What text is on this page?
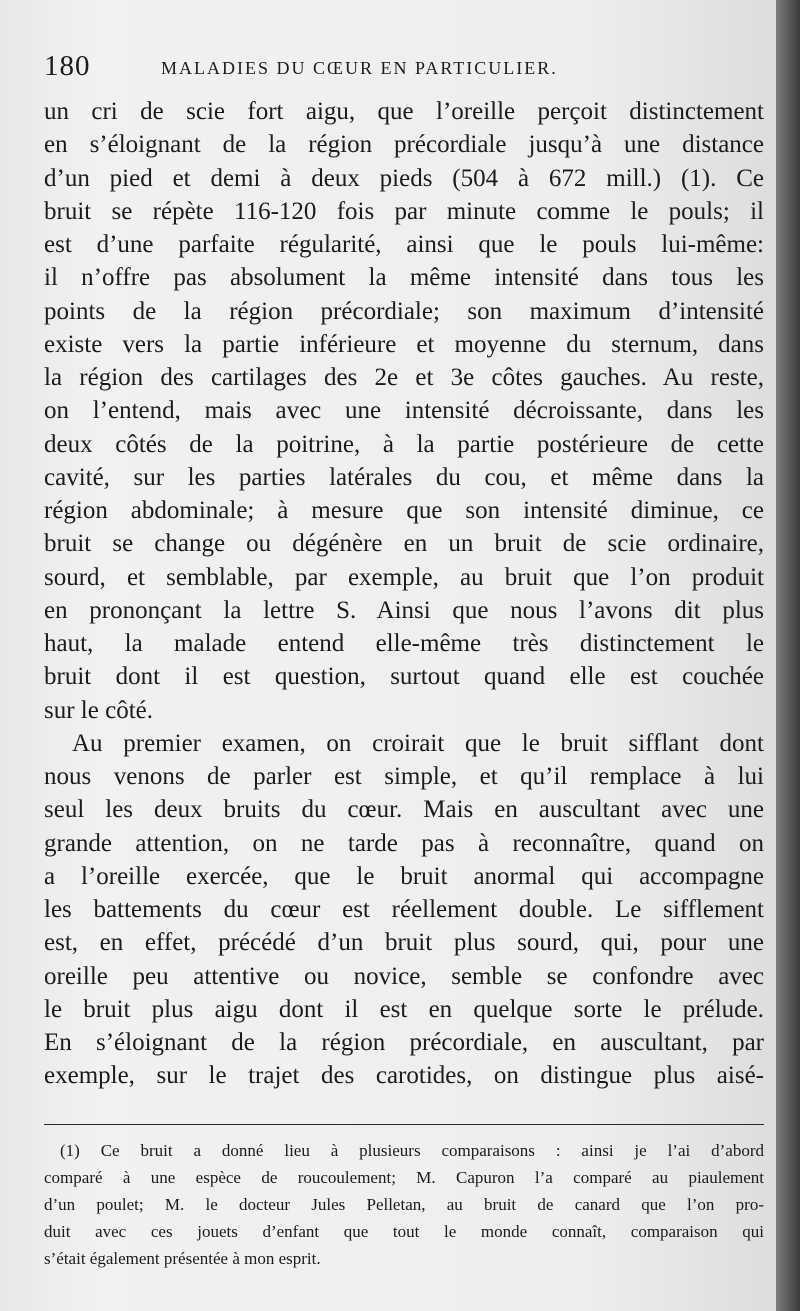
180	MALADIES DU CŒUR EN PARTICULIER.
un cri de scie fort aigu, que l’oreille perçoit distinctement
en s’éloignant de la région précordiale jusqu’à une distance
d’un pied et demi à deux pieds (504 à 672 mill.) (1). Ce
bruit se répète 116-120 fois par minute comme le pouls; il
est d’une parfaite régularité, ainsi que le pouls lui-même:
il n’offre pas absolument la même intensité dans tous les
points de la région précordiale; son maximum d’intensité
existe vers la partie inférieure et moyenne du sternum, dans
la région des cartilages des 2e et 3e côtes gauches. Au reste,
on l’entend, mais avec une intensité décroissante, dans les
deux côtés de la poitrine, à la partie postérieure de cette
cavité, sur les parties latérales du cou, et même dans la
région abdominale; à mesure que son intensité diminue, ce
bruit se change ou dégénère en un bruit de scie ordinaire,
sourd, et semblable, par exemple, au bruit que l’on produit
en prononçant la lettre S. Ainsi que nous l’avons dit plus
haut, la malade entend elle-même très distinctement le
bruit dont il est question, surtout quand elle est couchée
sur le côté.
Au premier examen, on croirait que le bruit sifflant dont
nous venons de parler est simple, et qu’il remplace à lui
seul les deux bruits du cœur. Mais en auscultant avec une
grande attention, on ne tarde pas à reconnaître, quand on
a l’oreille exercée, que le bruit anormal qui accompagne
les battements du cœur est réellement double. Le sifflement
est, en effet, précédé d’un bruit plus sourd, qui, pour une
oreille peu attentive ou novice, semble se confondre avec
le bruit plus aigu dont il est en quelque sorte le prélude.
En s’éloignant de la région précordiale, en auscultant, par
exemple, sur le trajet des carotides, on distingue plus aisé-
(1) Ce bruit a donné lieu à plusieurs comparaisons : ainsi je l’ai d’abord
comparé à une espèce de roucoulement; M. Capuron l’a comparé au piaulement
d’un poulet; M. le docteur Jules Pelletan, au bruit de canard que l’on pro-
duit avec ces jouets d’enfant que tout le monde connaît, comparaison qui
s’était également présentée à mon esprit.
